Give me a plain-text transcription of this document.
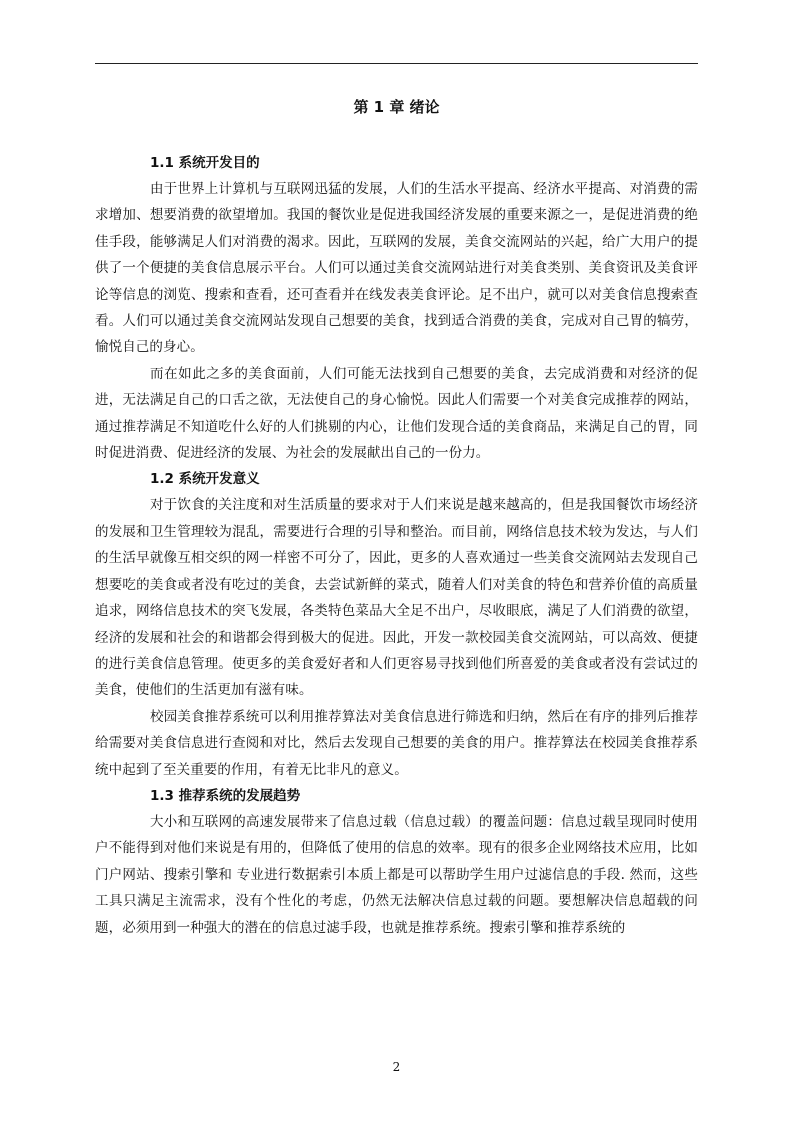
第 1 章 绪论
1.1 系统开发目的

由于世界上计算机与互联网迅猛的发展，人们的生活水平提高、经济水平提高、对消费的需求增加、想要消费的欲望增加。我国的餐饮业是促进我国经济发展的重要来源之一，是促进消费的绝佳手段，能够满足人们对消费的渴求。因此，互联网的发展，美食交流网站的兴起，给广大用户的提供了一个便捷的美食信息展示平台。人们可以通过美食交流网站进行对美食类别、美食资讯及美食评论等信息的浏览、搜索和查看，还可查看并在线发表美食评论。足不出户，就可以对美食信息搜索查看。人们可以通过美食交流网站发现自己想要的美食，找到适合消费的美食，完成对自己胃的犒劳，愉悦自己的身心。

而在如此之多的美食面前，人们可能无法找到自己想要的美食，去完成消费和对经济的促进，无法满足自己的口舌之欲，无法使自己的身心愉悦。因此人们需要一个对美食完成推荐的网站，通过推荐满足不知道吃什么好的人们挑剔的内心，让他们发现合适的美食商品，来满足自己的胃，同时促进消费、促进经济的发展、为社会的发展献出自己的一份力。

1.2 系统开发意义

对于饮食的关注度和对生活质量的要求对于人们来说是越来越高的，但是我国餐饮市场经济的发展和卫生管理较为混乱，需要进行合理的引导和整治。而目前，网络信息技术较为发达，与人们的生活早就像互相交织的网一样密不可分了，因此，更多的人喜欢通过一些美食交流网站去发现自己想要吃的美食或者没有吃过的美食，去尝试新鲜的菜式，随着人们对美食的特色和营养价值的高质量追求，网络信息技术的突飞发展，各类特色菜品大全足不出户，尽收眼底，满足了人们消费的欲望，经济的发展和社会的和谐都会得到极大的促进。因此，开发一款校园美食交流网站，可以高效、便捷的进行美食信息管理。使更多的美食爱好者和人们更容易寻找到他们所喜爱的美食或者没有尝试过的美食，使他们的生活更加有滋有味。

校园美食推荐系统可以利用推荐算法对美食信息进行筛选和归纳，然后在有序的排列后推荐给需要对美食信息进行查阅和对比，然后去发现自己想要的美食的用户。推荐算法在校园美食推荐系统中起到了至关重要的作用，有着无比非凡的意义。

1.3 推荐系统的发展趋势

大小和互联网的高速发展带来了信息过载（信息过载）的覆盖问题：信息过载呈现同时使用户不能得到对他们来说是有用的，但降低了使用的信息的效率。现有的很多企业网络技术应用，比如门户网站、搜索引擎和 专业进行数据索引本质上都是可以帮助学生用户过滤信息的手段. 然而，这些工具只满足主流需求，没有个性化的考虑，仍然无法解决信息过载的问题。要想解决信息超载的问题，必须用到一种强大的潜在的信息过滤手段，也就是推荐系统。搜索引擎和推荐系统的

2
